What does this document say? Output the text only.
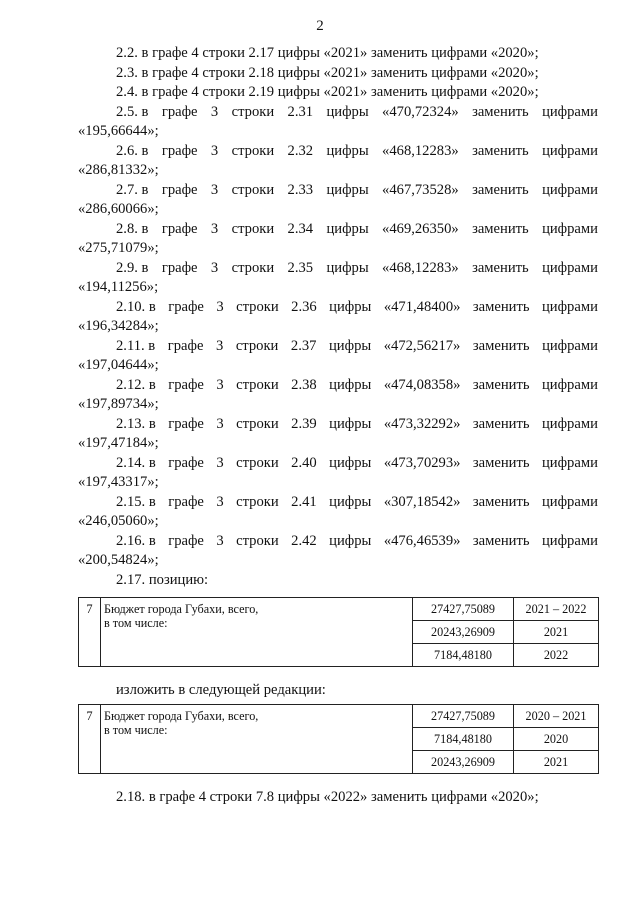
2

2.2. в графе 4 строки 2.17 цифры «2021» заменить цифрами «2020»;

2.3. в графе 4 строки 2.18 цифры «2021» заменить цифрами «2020»;

2.4. в графе 4 строки 2.19 цифры «2021» заменить цифрами «2020»;

2.5. в графе 3 строки 2.31 цифры «470,72324» заменить цифрами
«195,66644»;
2.6. в графе 3 строки 2.32 цифры «468,12283» заменить цифрами
«286,81332»;
2.7. в графе 3 строки 2.33 цифры «467,73528» заменить цифрами
«286,60066»;
2.8. в графе 3 строки 2.34 цифры «469,26350» заменить цифрами
«275,71079»;
2.9. в графе 3 строки 2.35 цифры «468,12283» заменить цифрами
«194,11256»;
2.10. в графе 3 строки 2.36 цифры «471,48400» заменить цифрами
«196,34284»;
2.11. в графе 3 строки 2.37 цифры «472,56217» заменить цифрами
«197,04644»;
2.12. в графе 3 строки 2.38 цифры «474,08358» заменить цифрами
«197,89734»;
2.13. в графе 3 строки 2.39 цифры «473,32292» заменить цифрами
«197,47184»;
2.14. в графе 3 строки 2.40 цифры «473,70293» заменить цифрами
«197,43317»;
2.15. в графе 3 строки 2.41 цифры «307,18542» заменить цифрами
«246,05060»;
2.16. в графе 3 строки 2.42 цифры «476,46539» заменить цифрами
«200,54824»;

2.17. позицию:

7	Бюджет города Губахи, всего,
в том числе:	27427,75089	2021 – 2022
		20243,26909	2021
		7184,48180	2022
изложить в следующей редакции:
7	Бюджет города Губахи, всего,
в том числе:	27427,75089	2020 – 2021
		7184,48180	2020
		20243,26909	2021
2.18. в графе 4 строки 7.8 цифры «2022» заменить цифрами «2020»;
